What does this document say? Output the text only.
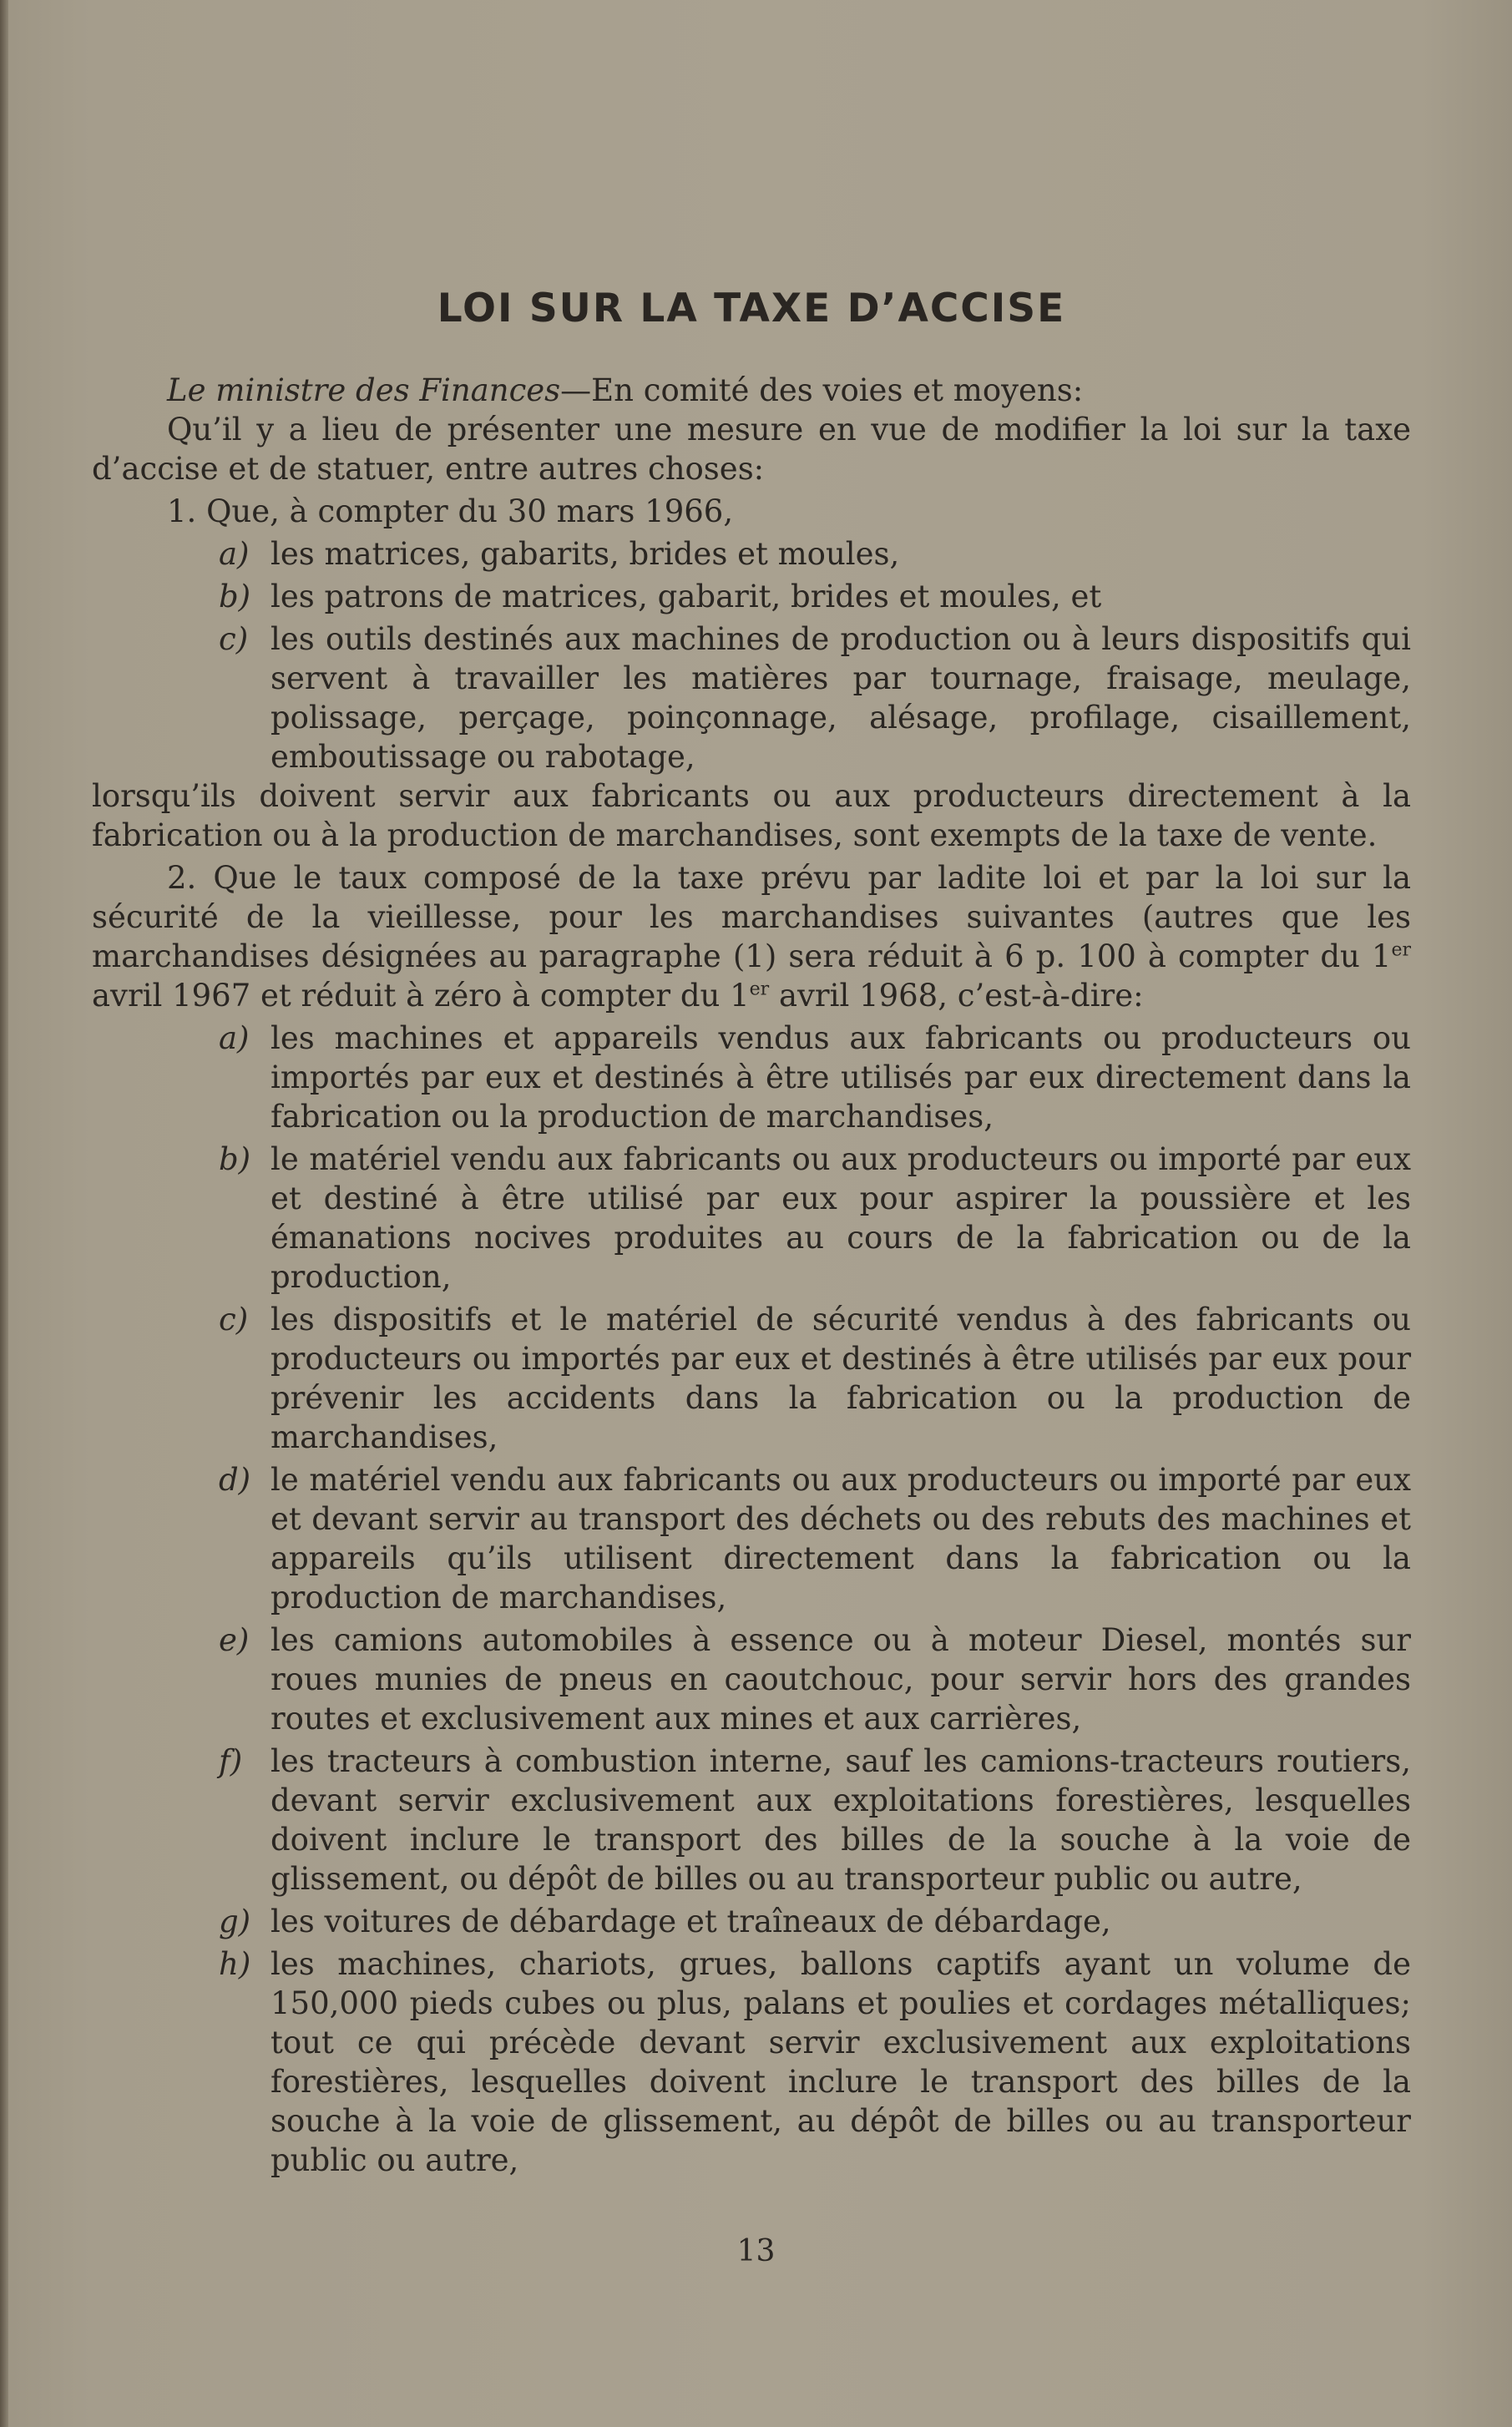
LOI SUR LA TAXE D’ACCISE

Le ministre des Finances—En comité des voies et moyens:

Qu’il y a lieu de présenter une mesure en vue de modifier la loi sur la taxe d’accise et de statuer, entre autres choses:

1. Que, à compter du 30 mars 1966,

a) les matrices, gabarits, brides et moules,
b) les patrons de matrices, gabarit, brides et moules, et
c) les outils destinés aux machines de production ou à leurs dispositifs qui servent à travailler les matières par tournage, fraisage, meulage, polissage, perçage, poinçonnage, alésage, profilage, cisaillement, emboutissage ou rabotage,

lorsqu’ils doivent servir aux fabricants ou aux producteurs directement à la fabrication ou à la production de marchandises, sont exempts de la taxe de vente.

2. Que le taux composé de la taxe prévu par ladite loi et par la loi sur la sécurité de la vieillesse, pour les marchandises suivantes (autres que les marchandises désignées au paragraphe (1) sera réduit à 6 p. 100 à compter du 1er avril 1967 et réduit à zéro à compter du 1er avril 1968, c’est-à-dire:

a) les machines et appareils vendus aux fabricants ou producteurs ou importés par eux et destinés à être utilisés par eux directement dans la fabrication ou la production de marchandises,
b) le matériel vendu aux fabricants ou aux producteurs ou importé par eux et destiné à être utilisé par eux pour aspirer la poussière et les émanations nocives produites au cours de la fabrication ou de la production,
c) les dispositifs et le matériel de sécurité vendus à des fabricants ou producteurs ou importés par eux et destinés à être utilisés par eux pour prévenir les accidents dans la fabrication ou la production de marchandises,
d) le matériel vendu aux fabricants ou aux producteurs ou importé par eux et devant servir au transport des déchets ou des rebuts des machines et appareils qu’ils utilisent directement dans la fabrication ou la production de marchandises,
e) les camions automobiles à essence ou à moteur Diesel, montés sur roues munies de pneus en caoutchouc, pour servir hors des grandes routes et exclusivement aux mines et aux carrières,
f) les tracteurs à combustion interne, sauf les camions-tracteurs routiers, devant servir exclusivement aux exploitations forestières, lesquelles doivent inclure le transport des billes de la souche à la voie de glissement, ou dépôt de billes ou au transporteur public ou autre,
g) les voitures de débardage et traîneaux de débardage,
h) les machines, chariots, grues, ballons captifs ayant un volume de 150,000 pieds cubes ou plus, palans et poulies et cordages métalliques; tout ce qui précède devant servir exclusivement aux exploitations forestières, lesquelles doivent inclure le transport des billes de la souche à la voie de glissement, au dépôt de billes ou au transporteur public ou autre,
13
